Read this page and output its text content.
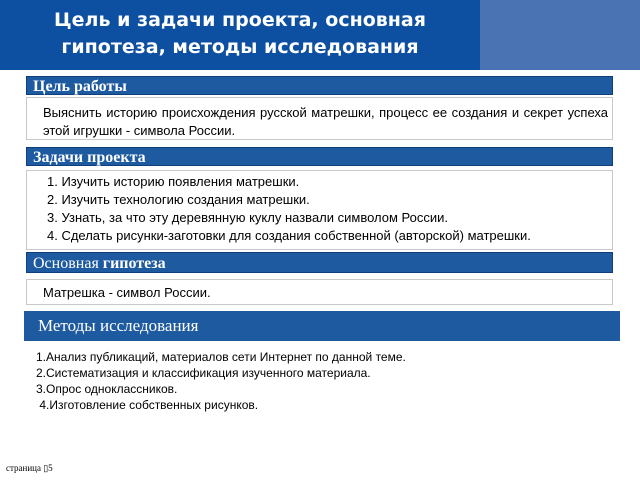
Цель и задачи проекта, основная гипотеза, методы исследования
Цель работы
Выяснить историю происхождения русской матрешки, процесс ее создания и секрет успеха этой игрушки - символа России.
Задачи проекта
1. Изучить историю появления матрешки.
2. Изучить технологию создания матрешки.
3. Узнать, за что эту деревянную куклу назвали символом России.
4. Сделать рисунки-заготовки для создания собственной (авторской) матрешки.
Основная гипотеза
Матрешка - символ России.
Методы исследования
1.Анализ публикаций, материалов сети Интернет по данной теме.
2.Систематизация и классификация изученного материала.
3.Опрос одноклассников.
4.Изготовление собственных рисунков.
страница ▯5
